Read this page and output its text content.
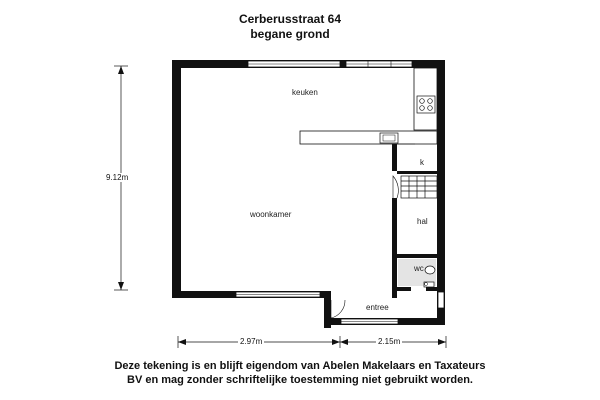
Cerberusstraat 64
begane grond
keuken
woonkamer
k
hal
wc
entree
9.12m
2.97m	2.15m
Deze tekening is en blijft eigendom van Abelen Makelaars en Taxateurs
BV en mag zonder schriftelijke toestemming niet gebruikt worden.
